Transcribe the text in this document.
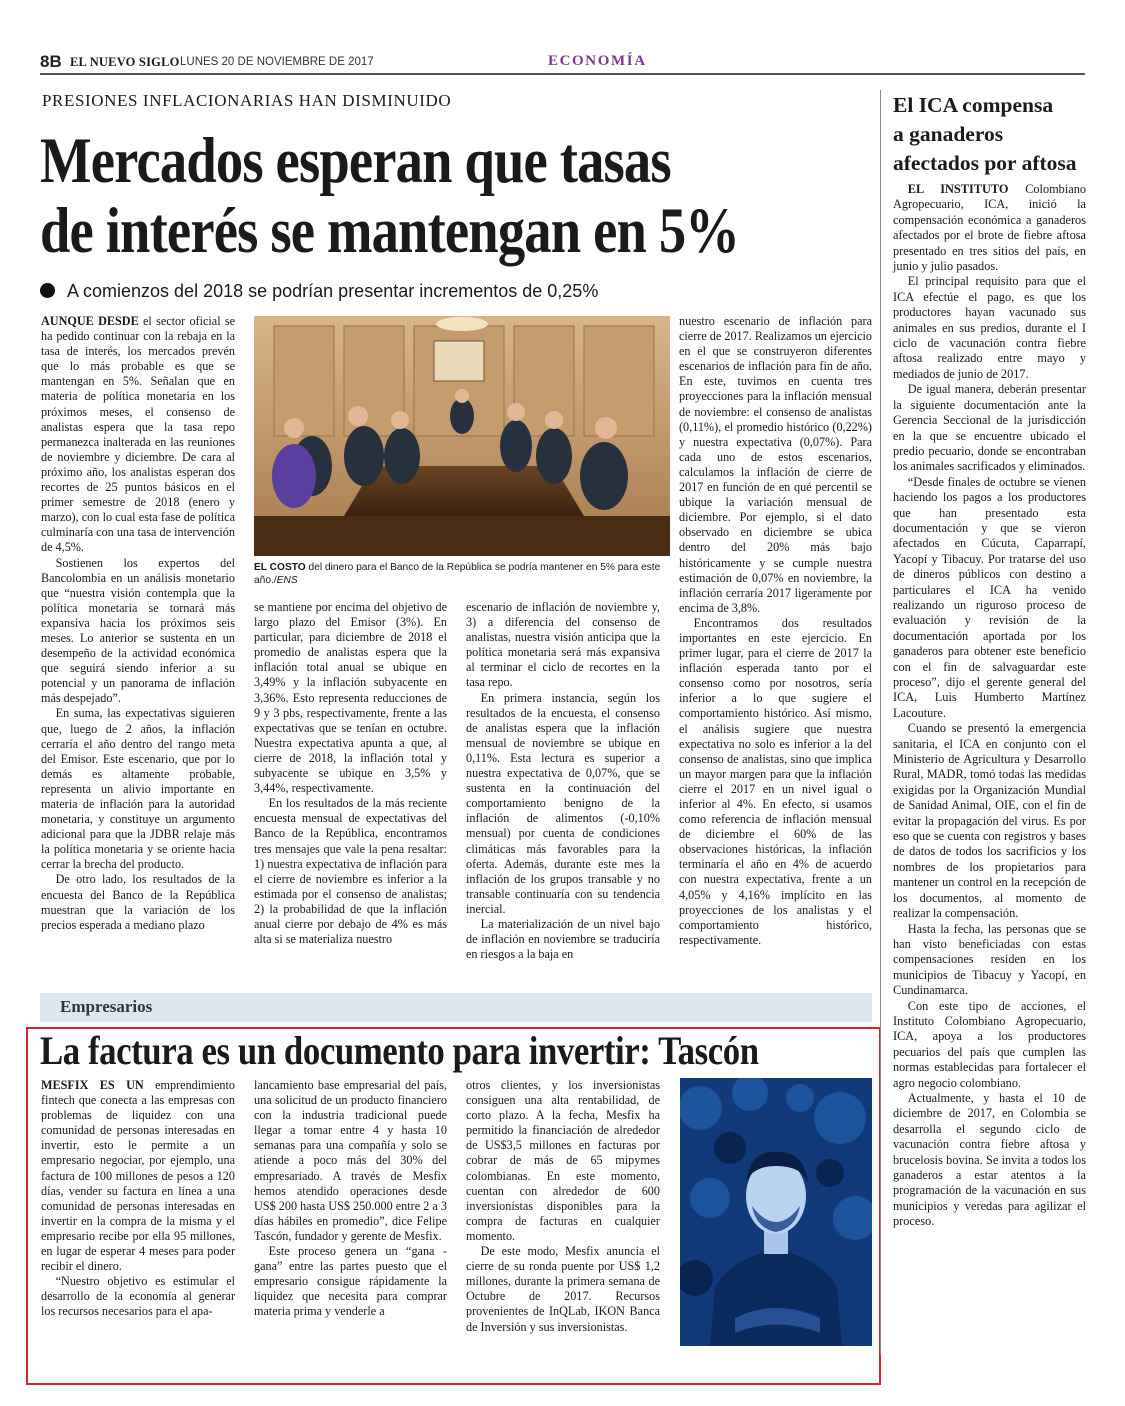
8B EL NUEVO SIGLO LUNES 20 DE NOVIEMBRE DE 2017	ECONOMÍA
PRESIONES INFLACIONARIAS HAN DISMINUIDO
Mercados esperan que tasas
de interés se mantengan en 5%
A comienzos del 2018 se podrían presentar incrementos de 0,25%

AUNQUE DESDE el sector oficial se ha pedido continuar con la rebaja en la tasa de interés, los mercados prevén que lo más probable es que se mantengan en 5%. Señalan que en materia de política monetaria en los próximos meses, el consenso de analistas espera que la tasa repo permanezca inalterada en las reuniones de noviembre y diciembre. De cara al próximo año, los analistas esperan dos recortes de 25 puntos básicos en el primer semestre de 2018 (enero y marzo), con lo cual esta fase de política culminaría con una tasa de intervención de 4,5%.

Sostienen los expertos del Bancolombia en un análisis monetario que “nuestra visión contempla que la política monetaria se tornará más expansiva hacia los próximos seis meses. Lo anterior se sustenta en un desempeño de la actividad económica que seguirá siendo inferior a su potencial y un panorama de inflación más despejado”.

En suma, las expectativas siguieren que, luego de 2 años, la inflación cerraría el año dentro del rango meta del Emisor. Este escenario, que por lo demás es altamente probable, representa un alivio importante en materia de inflación para la autoridad monetaria, y constituye un argumento adicional para que la JDBR relaje más la política monetaria y se oriente hacia cerrar la brecha del producto.

De otro lado, los resultados de la encuesta del Banco de la República muestran que la variación de los precios esperada a mediano plazo

EL COSTO del dinero para el Banco de la República se podría mantener en 5% para este año./ENS

se mantiene por encima del objetivo de largo plazo del Emisor (3%). En particular, para diciembre de 2018 el promedio de analistas espera que la inflación total anual se ubique en 3,49% y la inflación subyacente en 3,36%. Esto representa reducciones de 9 y 3 pbs, respectivamente, frente a las expectativas que se tenían en octubre. Nuestra expectativa apunta a que, al cierre de 2018, la inflación total y subyacente se ubique en 3,5% y 3,44%, respectivamente.

En los resultados de la más reciente encuesta mensual de expectativas del Banco de la República, encontramos tres mensajes que vale la pena resaltar: 1) nuestra expectativa de inflación para el cierre de noviembre es inferior a la estimada por el consenso de analistas; 2) la probabilidad de que la inflación anual cierre por debajo de 4% es más alta si se materializa nuestro

escenario de inflación de noviembre y, 3) a diferencia del consenso de analistas, nuestra visión anticipa que la política monetaria será más expansiva al terminar el ciclo de recortes en la tasa repo.

En primera instancia, según los resultados de la encuesta, el consenso de analistas espera que la inflación mensual de noviembre se ubique en 0,11%. Esta lectura es superior a nuestra expectativa de 0,07%, que se sustenta en la continuación del comportamiento benigno de la inflación de alimentos (-0,10% mensual) por cuenta de condiciones climáticas más favorables para la oferta. Además, durante este mes la inflación de los grupos transable y no transable continuaría con su tendencia inercial.

La materialización de un nivel bajo de inflación en noviembre se traduciría en riesgos a la baja en

nuestro escenario de inflación para cierre de 2017. Realizamos un ejercicio en el que se construyeron diferentes escenarios de inflación para fin de año. En este, tuvimos en cuenta tres proyecciones para la inflación mensual de noviembre: el consenso de analistas (0,11%), el promedio histórico (0,22%) y nuestra expectativa (0,07%). Para cada uno de estos escenarios, calculamos la inflación de cierre de 2017 en función de en qué percentil se ubique la variación mensual de diciembre. Por ejemplo, si el dato observado en diciembre se ubica dentro del 20% más bajo históricamente y se cumple nuestra estimación de 0,07% en noviembre, la inflación cerraría 2017 ligeramente por encima de 3,8%.

Encontramos dos resultados importantes en este ejercicio. En primer lugar, para el cierre de 2017 la inflación esperada tanto por el consenso como por nosotros, sería inferior a lo que sugiere el comportamiento histórico. Así mismo, el análisis sugiere que nuestra expectativa no solo es inferior a la del consenso de analistas, sino que implica un mayor margen para que la inflación cierre el 2017 en un nivel igual o inferior al 4%. En efecto, si usamos como referencia de inflación mensual de diciembre el 60% de las observaciones históricas, la inflación terminaría el año en 4% de acuerdo con nuestra expectativa, frente a un 4,05% y 4,16% implícito en las proyecciones de los analistas y el comportamiento histórico, respectivamente.

Empresarios
La factura es un documento para invertir: Tascón

MESFIX ES UN emprendimiento fintech que conecta a las empresas con problemas de liquidez con una comunidad de personas interesadas en invertir, esto le permite a un empresario negociar, por ejemplo, una factura de 100 millones de pesos a 120 días, vender su factura en línea a una comunidad de personas interesadas en invertir en la compra de la misma y el empresario recibe por ella 95 millones, en lugar de esperar 4 meses para poder recibir el dinero.

“Nuestro objetivo es estimular el desarrollo de la economía al generar los recursos necesarios para el apa-

lancamiento base empresarial del país, una solicitud de un producto financiero con la industria tradicional puede llegar a tomar entre 4 y hasta 10 semanas para una compañía y solo se atiende a poco más del 30% del empresariado. A través de Mesfix hemos atendido operaciones desde US$ 200 hasta US$ 250.000 entre 2 a 3 días hábiles en promedio”, dice Felipe Tascón, fundador y gerente de Mesfix.

Este proceso genera un “gana - gana” entre las partes puesto que el empresario consigue rápidamente la liquidez que necesita para comprar materia prima y venderle a

otros clientes, y los inversionistas consiguen una alta rentabilidad, de corto plazo. A la fecha, Mesfix ha permitido la financiación de alrededor de US$3,5 millones en facturas por cobrar de más de 65 mipymes colombianas. En este momento, cuentan con alrededor de 600 inversionistas disponibles para la compra de facturas en cualquier momento.

De este modo, Mesfix anuncia el cierre de su ronda puente por US$ 1,2 millones, durante la primera semana de Octubre de 2017. Recursos provenientes de InQLab, IKON Banca de Inversión y sus inversionistas.

El ICA compensa
a ganaderos
afectados por aftosa

EL INSTITUTO Colombiano Agropecuario, ICA, inició la compensación económica a ganaderos afectados por el brote de fiebre aftosa presentado en tres sitios del país, en junio y julio pasados.

El principal requisito para que el ICA efectúe el pago, es que los productores hayan vacunado sus animales en sus predios, durante el I ciclo de vacunación contra fiebre aftosa realizado entre mayo y mediados de junio de 2017.

De igual manera, deberán presentar la siguiente documentación ante la Gerencia Seccional de la jurisdicción en la que se encuentre ubicado el predio pecuario, donde se encontraban los animales sacrificados y eliminados.

“Desde finales de octubre se vienen haciendo los pagos a los productores que han presentado esta documentación y que se vieron afectados en Cúcuta, Caparrapí, Yacopí y Tibacuy. Por tratarse del uso de dineros públicos con destino a particulares el ICA ha venido realizando un riguroso proceso de evaluación y revisión de la documentación aportada por los ganaderos para obtener este beneficio con el fin de salvaguardar este proceso”, dijo el gerente general del ICA, Luis Humberto Martínez Lacouture.

Cuando se presentó la emergencia sanitaria, el ICA en conjunto con el Ministerio de Agricultura y Desarrollo Rural, MADR, tomó todas las medidas exigidas por la Organización Mundial de Sanidad Animal, OIE, con el fin de evitar la propagación del virus. Es por eso que se cuenta con registros y bases de datos de todos los sacrificios y los nombres de los propietarios para mantener un control en la recepción de los documentos, al momento de realizar la compensación.

Hasta la fecha, las personas que se han visto beneficiadas con estas compensaciones residen en los municipios de Tibacuy y Yacopí, en Cundinamarca.

Con este tipo de acciones, el Instituto Colombiano Agropecuario, ICA, apoya a los productores pecuarios del país que cumplen las normas establecidas para fortalecer el agro negocio colombiano.

Actualmente, y hasta el 10 de diciembre de 2017, en Colombia se desarrolla el segundo ciclo de vacunación contra fiebre aftosa y brucelosis bovina. Se invita a todos los ganaderos a estar atentos a la programación de la vacunación en sus municipios y veredas para agilizar el proceso.
